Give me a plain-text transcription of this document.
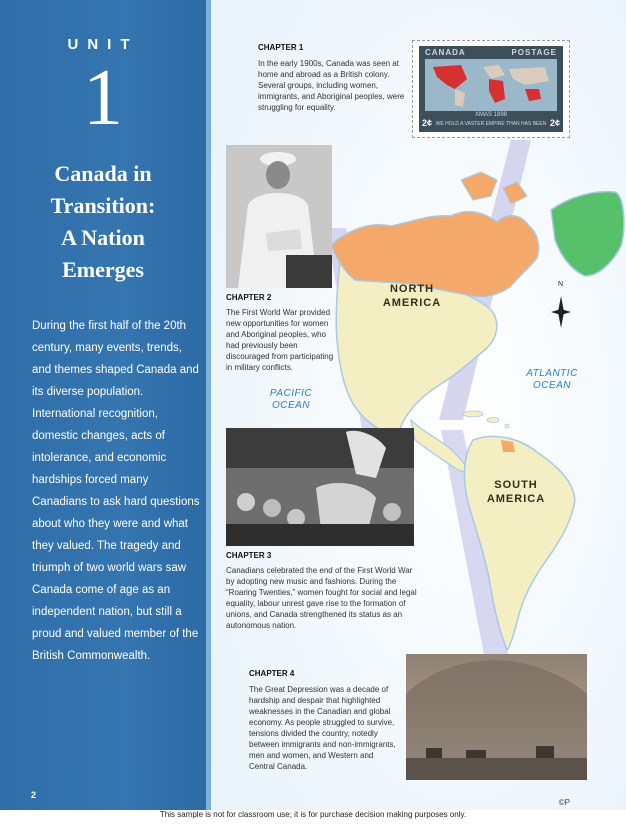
UNIT
1
Canada in
Transition:
A Nation
Emerges
During the first half of the 20th century, many events, trends, and themes shaped Canada and its diverse population. International recognition, domestic changes, acts of intolerance, and economic hardships forced many Canadians to ask hard questions about who they were and what they valued. The tragedy and triumph of two world wars saw Canada come of age as an independent nation, but still a proud and valued member of the British Commonwealth.
2
NORTH
AMERICA
SOUTH
AMERICA
PACIFIC
OCEAN
ATLANTIC
OCEAN
N
CHAPTER 1
In the early 1900s, Canada was seen at home and abroad as a British colony. Several groups, including women, immigrants, and Aboriginal peoples, were struggling for equality.
CANADA	POSTAGE
XMAS 1898
WE HOLD A VASTER EMPIRE THAN HAS BEEN
2¢	2¢
CHAPTER 2
The First World War provided new opportunities for women and Aboriginal peoples, who had previously been discouraged from participating in military conflicts.
CHAPTER 3
Canadians celebrated the end of the First World War by adopting new music and fashions. During the “Roaring Twenties,” women fought for social and legal equality, labour unrest gave rise to the formation of unions, and Canada strengthened its status as an autonomous nation.
CHAPTER 4
The Great Depression was a decade of hardship and despair that highlighted weaknesses in the Canadian and global economy. As people struggled to survive, tensions divided the country, notedly between immigrants and non-immigrants, men and women, and Western and Central Canada.
©P
This sample is not for classroom use; it is for purchase decision making purposes only.
